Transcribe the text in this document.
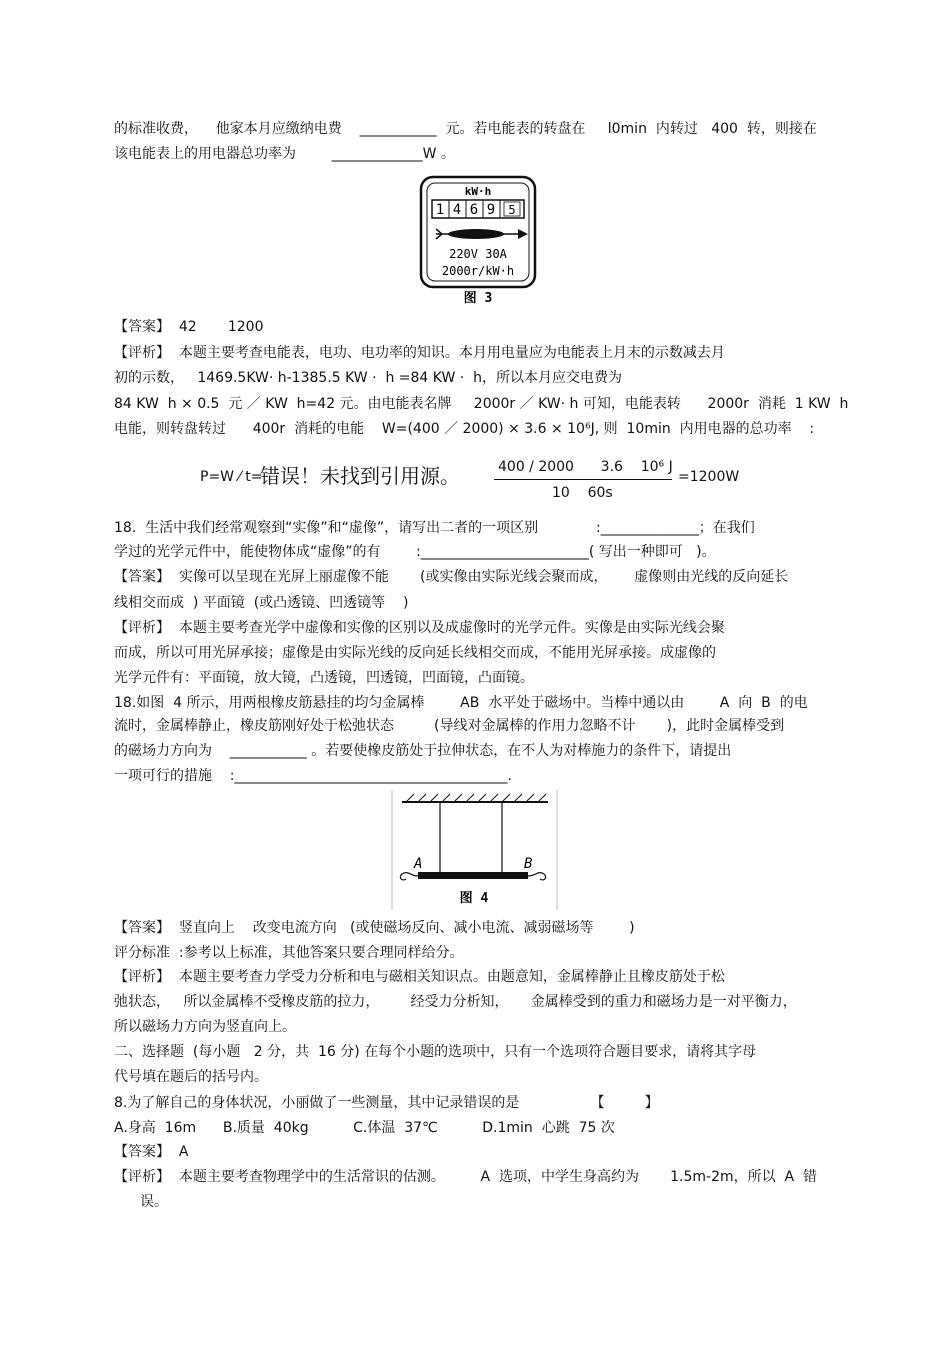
的标准收费，    他家本月应缴纳电费    ___________  元。若电能表的转盘在     l0min  内转过   400  转，则接在
该电能表上的用电器总功率为        _____________W 。
kW·h
1 4 6 9 5
220V 30A
2000r/kW·h
图 3
【答案】  42       1200
【评析】  本题主要考查电能表，电功、电功率的知识。本月用电量应为电能表上月末的示数减去月
初的示数，   1469.5KW· h-1385.5 KW ·  h =84 KW ·  h，所以本月应交电费为
84 KW  h × 0.5  元 ／ KW  h=42 元。由电能表名牌     2000r ／ KW· h 可知，电能表转      2000r  消耗  1 KW  h
电能，则转盘转过      400r  消耗的电能    W=(400 ／ 2000) × 3.6 × 10⁶J, 则  10min  内用电器的总功率    :
P=W ⁄ t=
错误！未找到引用源。	400 / 2000      3.6    10⁶ J
10    60s
=1200W
18.  生活中我们经常观察到“实像”和“虚像”，请写出二者的一项区别             :______________；在我们
学过的光学元件中，能使物体成“虚像”的有        :________________________( 写出一种即可   )。
【答案】  实像可以呈现在光屏上丽虚像不能       (或实像由实际光线会聚而成，      虚像则由光线的反向延长
线相交而成  ) 平面镜  (或凸透镜、凹透镜等    )
【评析】  本题主要考查光学中虚像和实像的区别以及成虚像时的光学元件。实像是由实际光线会聚
而成，所以可用光屏承接；虚像是由实际光线的反向延长线相交而成，不能用光屏承接。成虚像的
光学元件有：平面镜，放大镜，凸透镜，凹透镜，凹面镜，凸面镜。
18.如图  4 所示，用两根橡皮筋悬挂的均匀金属棒        AB  水平处于磁场中。当棒中通以由        A  向  B  的电
流时，金属棒静止，橡皮筋刚好处于松弛状态         (导线对金属棒的作用力忽略不计       )，此时金属棒受到
的磁场力方向为    ___________ 。若要使橡皮筋处于拉伸状态，在不人为对棒施力的条件下，请提出
一项可行的措施    :_______________________________________.
A	B
图 4
【答案】  竖直向上    改变电流方向   (或使磁场反向、减小电流、减弱磁场等        )
评分标准  :参考以上标准，其他答案只要合理同样给分。
【评析】  本题主要考查力学受力分析和电与磁相关知识点。由题意知，金属棒静止且橡皮筋处于松
弛状态，   所以金属棒不受橡皮筋的拉力，       经受力分析知，     金属棒受到的重力和磁场力是一对平衡力，
所以磁场力方向为竖直向上。
二、选择题  (每小题   2 分，共  16 分) 在每个小题的选项中，只有一个选项符合题目要求，请将其字母
代号填在题后的括号内。
8.为了解自己的身体状况，小丽做了一些测量，其中记录错误的是                【         】
A.身高  16m      B.质量  40kg          C.体温  37℃          D.1min  心跳  75 次
【答案】  A
【评析】  本题主要考查物理学中的生活常识的估测。        A  选项，中学生身高约为       1.5m-2m，所以  A  错
误。
